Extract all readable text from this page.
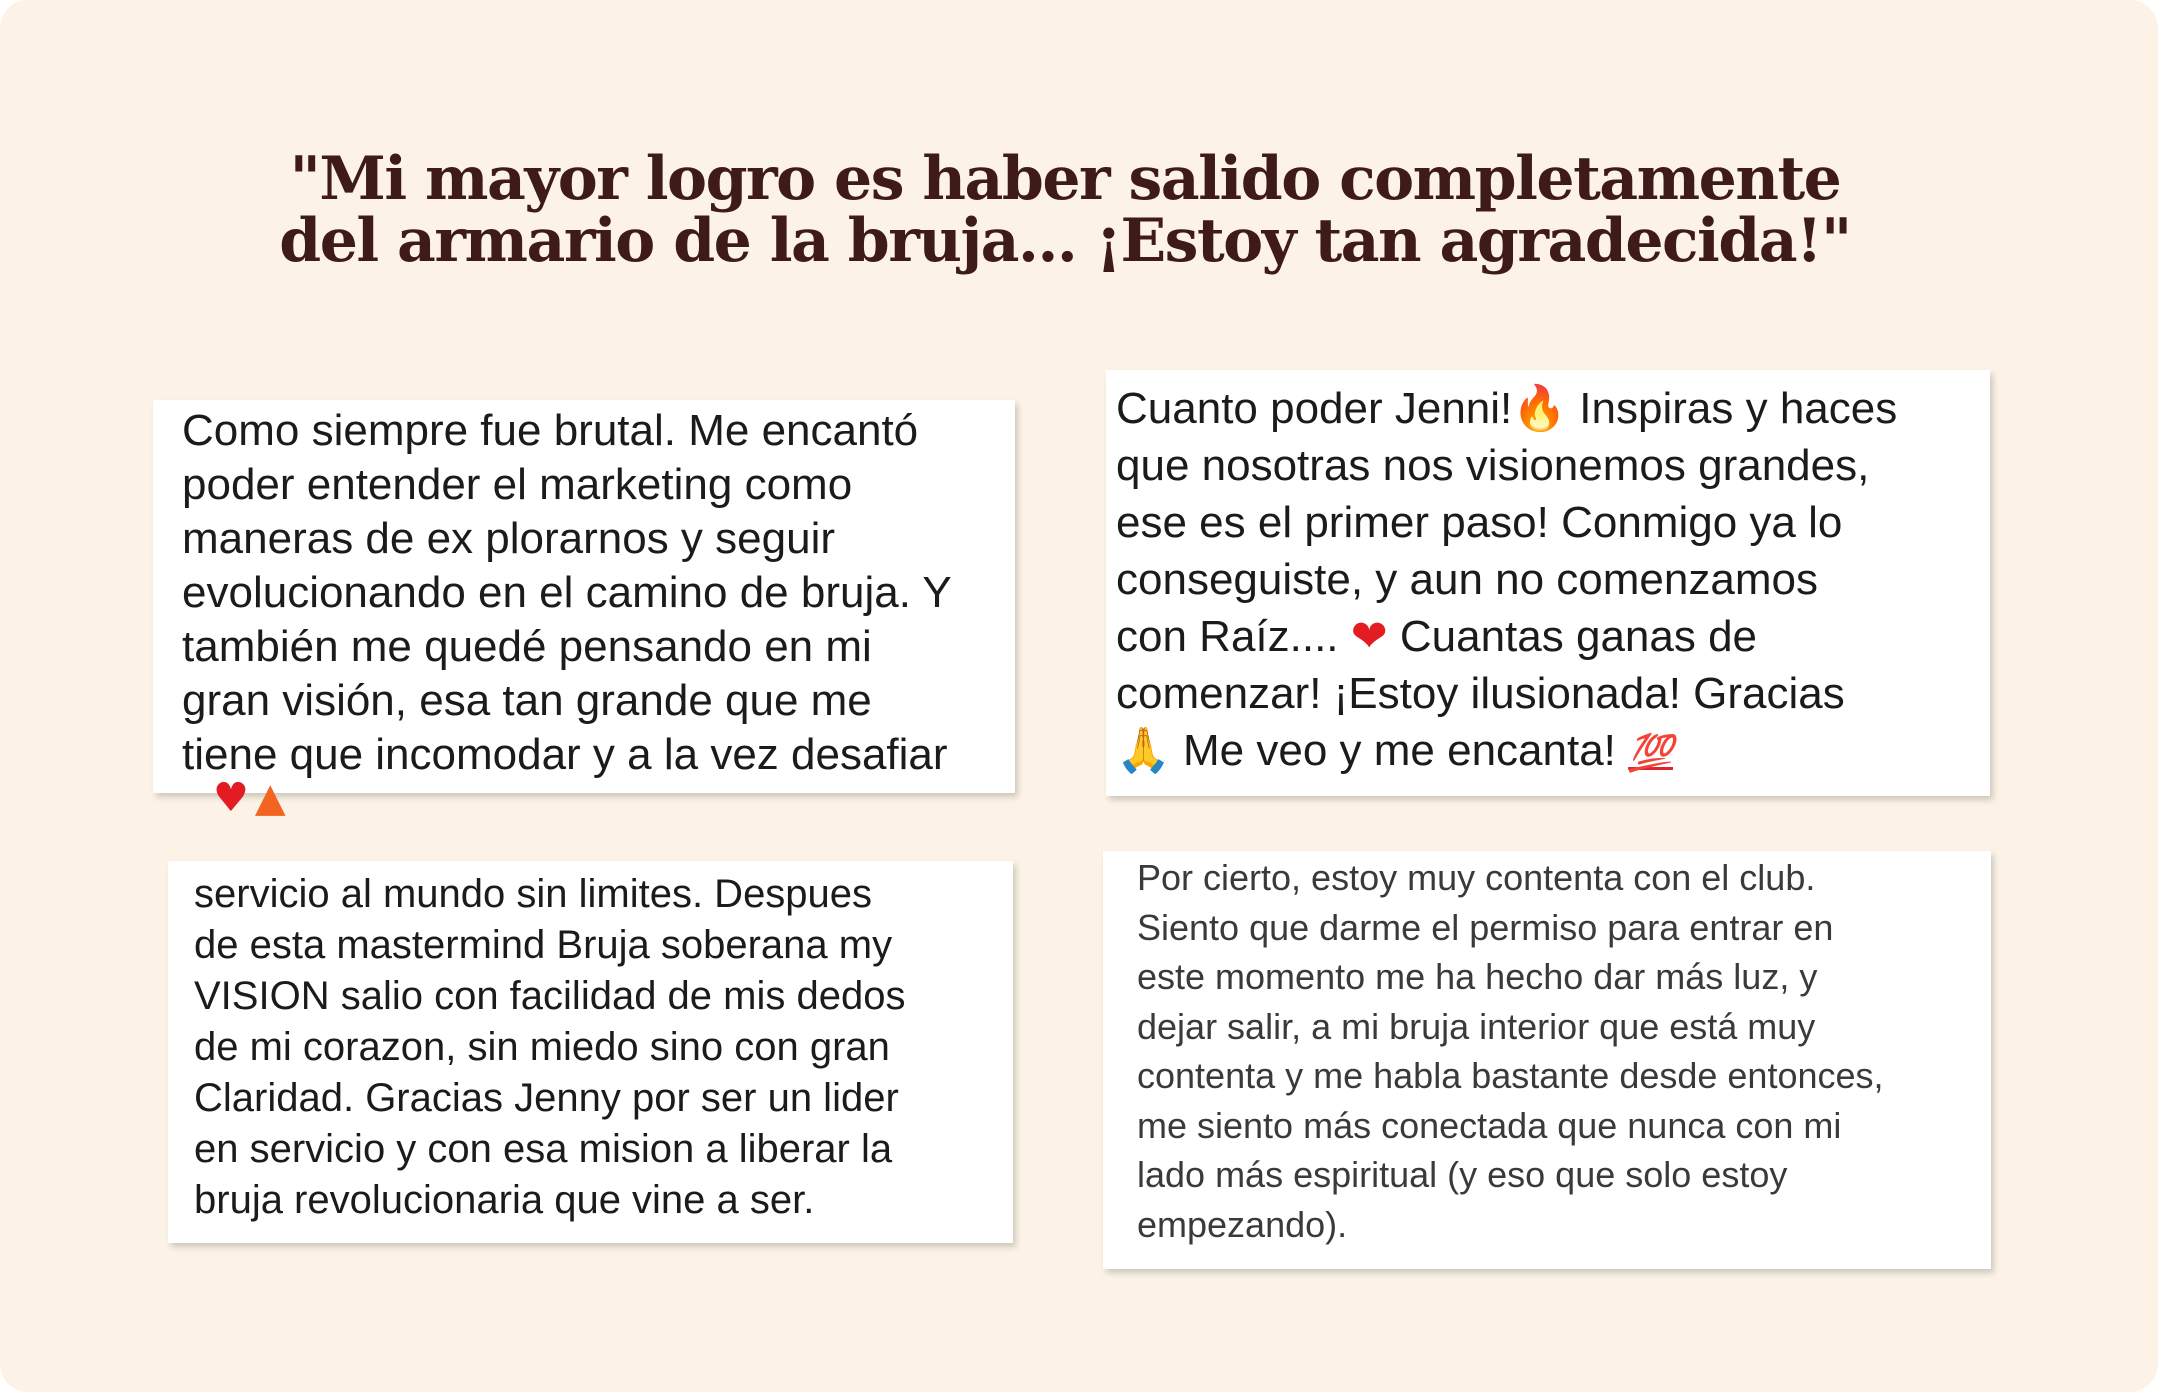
"Mi mayor logro es haber salido completamente
del armario de la bruja... ¡Estoy tan agradecida!"

Como siempre fue brutal. Me encantó

poder entender el marketing como

maneras de ex plorarnos y seguir

evolucionando en el camino de bruja. Y

también me quedé pensando en mi

gran visión, esa tan grande que me

tiene que incomodar y a la vez desafiar

♥ ▲

Cuanto poder Jenni!🔥 Inspiras y haces

que nosotras nos visionemos grandes,

ese es el primer paso! Conmigo ya lo

conseguiste, y aun no comenzamos

con Raíz.... ❤ Cuantas ganas de

comenzar! ¡Estoy ilusionada! Gracias

🙏 Me veo y me encanta! 💯

servicio al mundo sin limites. Despues

de esta mastermind Bruja soberana my

VISION salio con facilidad de mis dedos

de mi corazon, sin miedo sino con gran

Claridad. Gracias Jenny por ser un lider

en servicio y con esa mision a liberar la

bruja revolucionaria que vine a ser.

Por cierto, estoy muy contenta con el club.

Siento que darme el permiso para entrar en

este momento me ha hecho dar más luz, y

dejar salir, a mi bruja interior que está muy

contenta y me habla bastante desde entonces,

me siento más conectada que nunca con mi

lado más espiritual (y eso que solo estoy

empezando).
